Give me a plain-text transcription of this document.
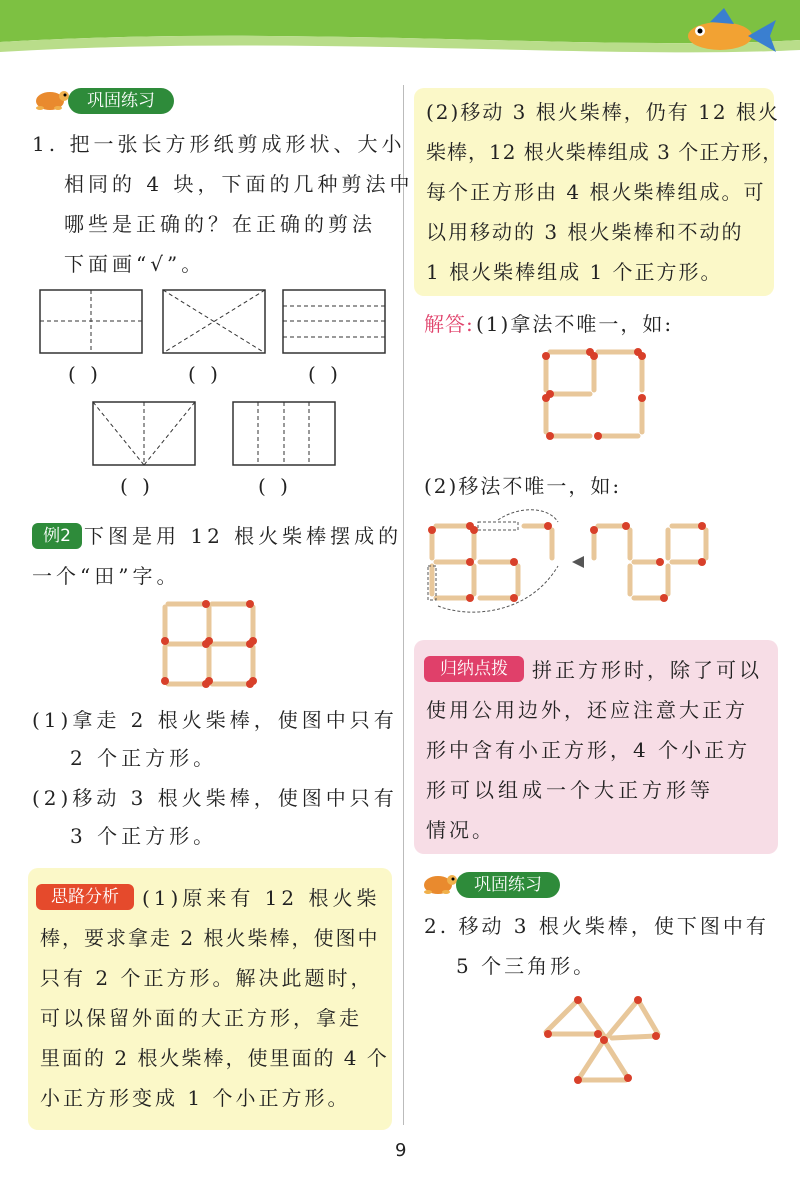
巩固练习
1. 把一张长方形纸剪成形状、大小
相同的 4 块，下面的几种剪法中
哪些是正确的？在正确的剪法
下面画“√”。
( )	( )	( )
( )	( )
例2 下图是用 12 根火柴棒摆成的
一个“田”字。
(1)拿走 2 根火柴棒，使图中只有
2 个正方形。
(2)移动 3 根火柴棒，使图中只有
3 个正方形。
思路分析	(1)原来有 12 根火柴
棒，要求拿走 2 根火柴棒，使图中
只有 2 个正方形。解决此题时，
可以保留外面的大正方形，拿走
里面的 2 根火柴棒，使里面的 4 个
小正方形变成 1 个小正方形。
(2)移动 3 根火柴棒，仍有 12 根火
柴棒，12 根火柴棒组成 3 个正方形，
每个正方形由 4 根火柴棒组成。可
以用移动的 3 根火柴棒和不动的
1 根火柴棒组成 1 个正方形。
解答: (1)拿法不唯一，如:
(2)移法不唯一，如:
归纳点拨	拼正方形时，除了可以
使用公用边外，还应注意大正方
形中含有小正方形，4 个小正方
形可以组成一个大正方形等
情况。
巩固练习
2. 移动 3 根火柴棒，使下图中有
5 个三角形。
9
